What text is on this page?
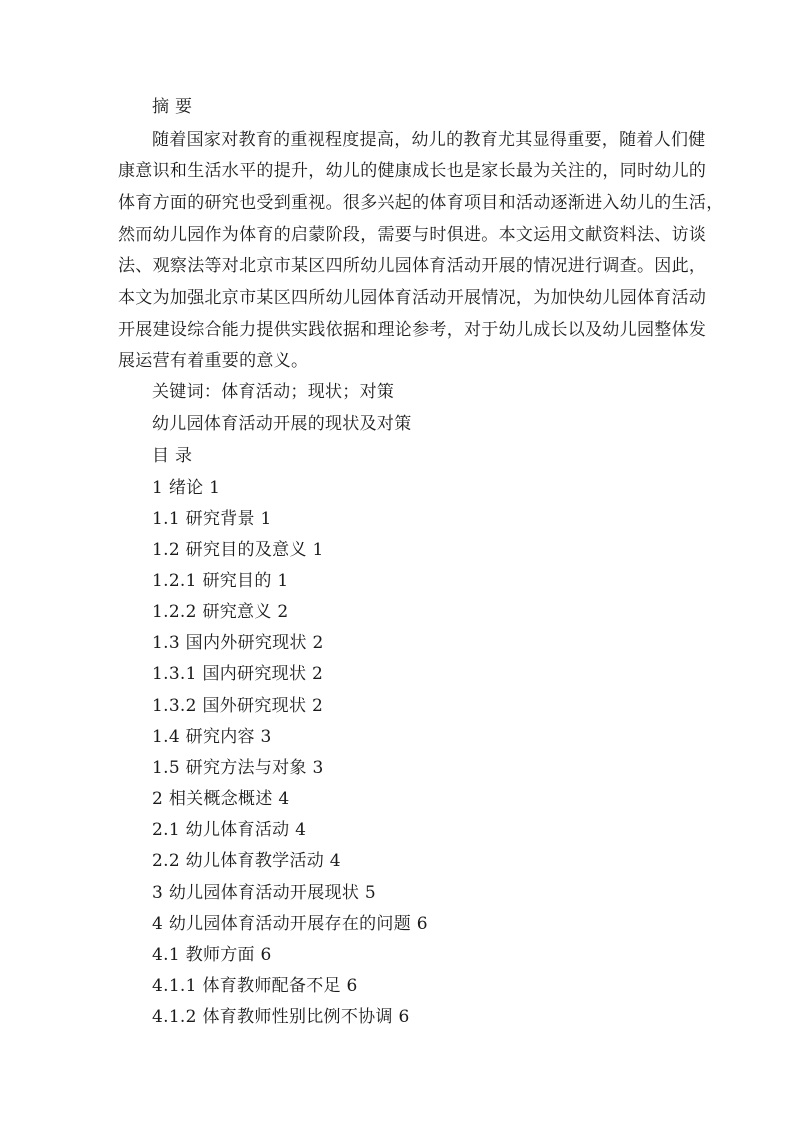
摘 要
随着国家对教育的重视程度提高，幼儿的教育尤其显得重要，随着人们健
康意识和生活水平的提升，幼儿的健康成长也是家长最为关注的，同时幼儿的
体育方面的研究也受到重视。很多兴起的体育项目和活动逐渐进入幼儿的生活，
然而幼儿园作为体育的启蒙阶段，需要与时俱进。本文运用文献资料法、访谈
法、观察法等对北京市某区四所幼儿园体育活动开展的情况进行调查。因此，
本文为加强北京市某区四所幼儿园体育活动开展情况，为加快幼儿园体育活动
开展建设综合能力提供实践依据和理论参考，对于幼儿成长以及幼儿园整体发
展运营有着重要的意义。
关键词：体育活动；现状；对策
幼儿园体育活动开展的现状及对策
目 录
1 绪论 1
1.1 研究背景 1
1.2 研究目的及意义 1
1.2.1 研究目的 1
1.2.2 研究意义 2
1.3 国内外研究现状 2
1.3.1 国内研究现状 2
1.3.2 国外研究现状 2
1.4 研究内容 3
1.5 研究方法与对象 3
2 相关概念概述 4
2.1 幼儿体育活动 4
2.2 幼儿体育教学活动 4
3 幼儿园体育活动开展现状 5
4 幼儿园体育活动开展存在的问题 6
4.1 教师方面 6
4.1.1 体育教师配备不足 6
4.1.2 体育教师性别比例不协调 6
